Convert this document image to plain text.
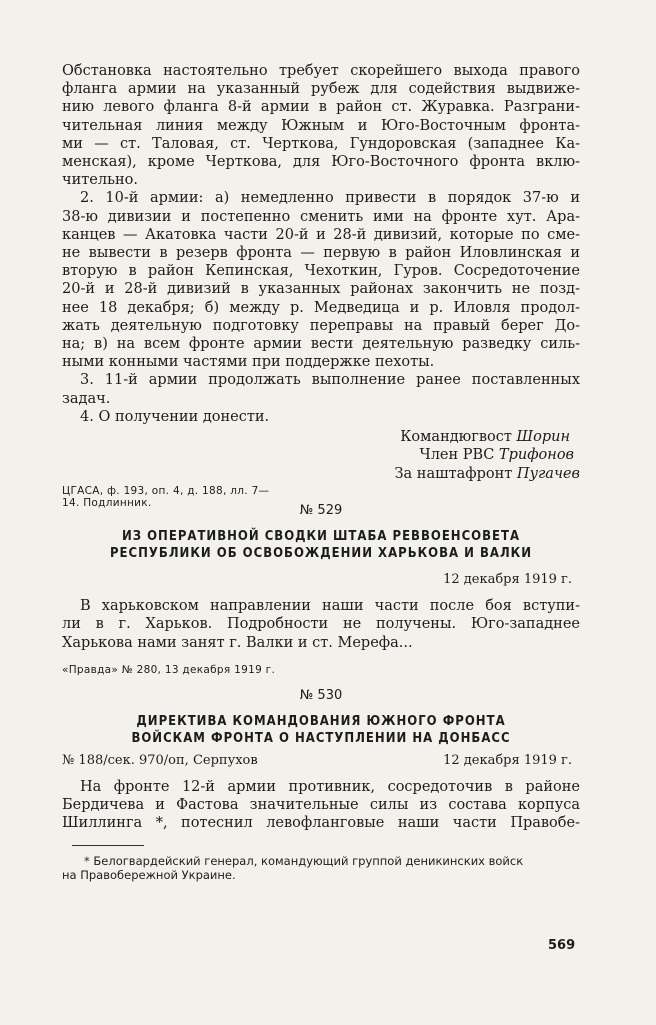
Обстановка настоятельно требует скорейшего выхода правого
фланга армии на указанный рубеж для содействия выдвиже-
нию левого фланга 8-й армии в район ст. Журавка. Разграни-
чительная линия между Южным и Юго-Восточным фронта-
ми — ст. Таловая, ст. Черткова, Гундоровская (западнее Ка-
менская), кроме Черткова, для Юго-Восточного фронта вклю-
чительно.
2. 10-й армии: а) немедленно привести в порядок 37-ю и
38-ю дивизии и постепенно сменить ими на фронте хут. Ара-
канцев — Акатовка части 20-й и 28-й дивизий, которые по сме-
не вывести в резерв фронта — первую в район Иловлинская и
вторую в район Кепинская, Чехоткин, Гуров. Сосредоточение
20-й и 28-й дивизий в указанных районах закончить не позд-
нее 18 декабря; б) между р. Медведица и р. Иловля продол-
жать деятельную подготовку переправы на правый берег До-
на; в) на всем фронте армии вести деятельную разведку силь-
ными конными частями при поддержке пехоты.
3. 11-й армии продолжать выполнение ранее поставленных
задач.
4. О получении донести.
Командюгвост Шорин
Член РВС Трифонов
За наштафронт Пугачев
ЦГАСА, ф. 193, оп. 4, д. 188, лл. 7—
14. Подлинник.	№ 529
ИЗ ОПЕРАТИВНОЙ СВОДКИ ШТАБА РЕВВОЕНСОВЕТА
РЕСПУБЛИКИ ОБ ОСВОБОЖДЕНИИ ХАРЬКОВА И ВАЛКИ
12 декабря 1919 г.
В харьковском направлении наши части после боя вступи-
ли в г. Харьков. Подробности не получены. Юго-западнее
Харькова нами занят г. Валки и ст. Мерефа...
«Правда» № 280, 13 декабря 1919 г.
№ 530
ДИРЕКТИВА КОМАНДОВАНИЯ ЮЖНОГО ФРОНТА
ВОЙСКАМ ФРОНТА О НАСТУПЛЕНИИ НА ДОНБАСС
№ 188/сек. 970/оп, Серпухов	12 декабря 1919 г.
На фронте 12-й армии противник, сосредоточив в районе
Бердичева и Фастова значительные силы из состава корпуса
Шиллинга *, потеснил левофланговые наши части Правобе-
* Белогвардейский генерал, командующий группой деникинских войск
на Правобережной Украине.
569
